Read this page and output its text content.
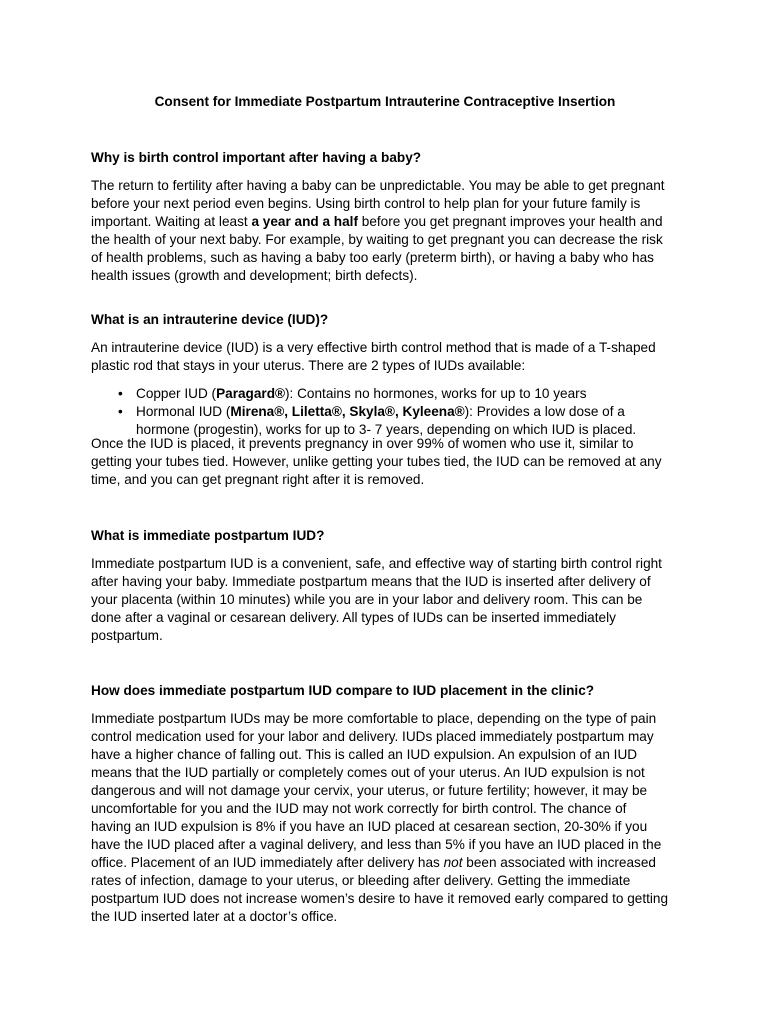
Consent for Immediate Postpartum Intrauterine Contraceptive Insertion
Why is birth control important after having a baby?
The return to fertility after having a baby can be unpredictable. You may be able to get pregnant
before your next period even begins. Using birth control to help plan for your future family is
important. Waiting at least a year and a half before you get pregnant improves your health and
the health of your next baby. For example, by waiting to get pregnant you can decrease the risk
of health problems, such as having a baby too early (preterm birth), or having a baby who has
health issues (growth and development; birth defects).
What is an intrauterine device (IUD)?
An intrauterine device (IUD) is a very effective birth control method that is made of a T-shaped
plastic rod that stays in your uterus. There are 2 types of IUDs available:
• Copper IUD (Paragard®): Contains no hormones, works for up to 10 years
• Hormonal IUD (Mirena®, Liletta®, Skyla®, Kyleena®): Provides a low dose of a
hormone (progestin), works for up to 3- 7 years, depending on which IUD is placed.
Once the IUD is placed, it prevents pregnancy in over 99% of women who use it, similar to
getting your tubes tied. However, unlike getting your tubes tied, the IUD can be removed at any
time, and you can get pregnant right after it is removed.
What is immediate postpartum IUD?
Immediate postpartum IUD is a convenient, safe, and effective way of starting birth control right
after having your baby. Immediate postpartum means that the IUD is inserted after delivery of
your placenta (within 10 minutes) while you are in your labor and delivery room. This can be
done after a vaginal or cesarean delivery. All types of IUDs can be inserted immediately
postpartum.
How does immediate postpartum IUD compare to IUD placement in the clinic?
Immediate postpartum IUDs may be more comfortable to place, depending on the type of pain
control medication used for your labor and delivery. IUDs placed immediately postpartum may
have a higher chance of falling out. This is called an IUD expulsion. An expulsion of an IUD
means that the IUD partially or completely comes out of your uterus. An IUD expulsion is not
dangerous and will not damage your cervix, your uterus, or future fertility; however, it may be
uncomfortable for you and the IUD may not work correctly for birth control. The chance of
having an IUD expulsion is 8% if you have an IUD placed at cesarean section, 20-30% if you
have the IUD placed after a vaginal delivery, and less than 5% if you have an IUD placed in the
office. Placement of an IUD immediately after delivery has not been associated with increased
rates of infection, damage to your uterus, or bleeding after delivery. Getting the immediate
postpartum IUD does not increase women’s desire to have it removed early compared to getting
the IUD inserted later at a doctor’s office.
